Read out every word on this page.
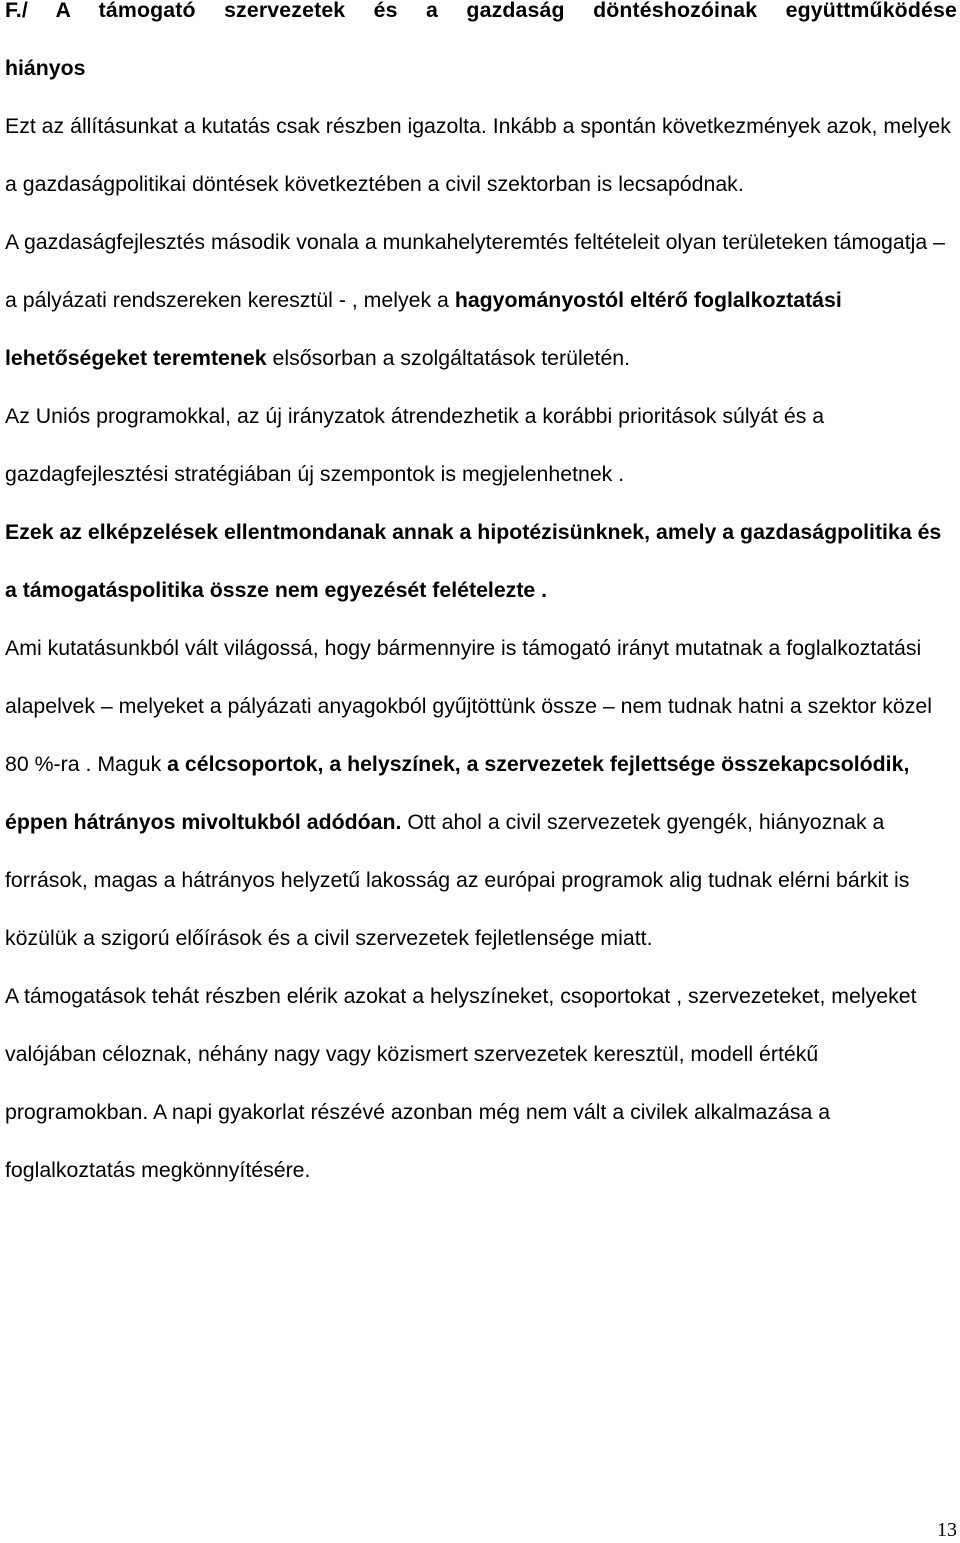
F./ A támogató szervezetek és a gazdaság döntéshozóinak együttműködése

hiányos

Ezt az állításunkat a kutatás csak részben igazolta. Inkább a spontán következmények azok, melyek a gazdaságpolitikai döntések következtében a civil szektorban is lecsapódnak.

A gazdaságfejlesztés második vonala a munkahelyteremtés feltételeit olyan területeken támogatja – a pályázati rendszereken keresztül - , melyek a hagyományostól eltérő foglalkoztatási lehetőségeket teremtenek elsősorban a szolgáltatások területén.

Az Uniós programokkal, az új irányzatok átrendezhetik a korábbi prioritások súlyát és a gazdagfejlesztési stratégiában új szempontok is megjelenhetnek .

Ezek az elképzelések ellentmondanak annak a hipotézisünknek, amely a gazdaságpolitika és a támogatáspolitika össze nem egyezését felételezte .

Ami kutatásunkból vált világossá, hogy bármennyire is támogató irányt mutatnak a foglalkoztatási alapelvek – melyeket a pályázati anyagokból gyűjtöttünk össze – nem tudnak hatni a szektor közel 80 %-ra . Maguk a célcsoportok, a helyszínek, a szervezetek fejlettsége összekapcsolódik, éppen hátrányos mivoltukból adódóan. Ott ahol a civil szervezetek gyengék, hiányoznak a források, magas a hátrányos helyzetű lakosság az európai programok alig tudnak elérni bárkit is közülük a szigorú előírások és a civil szervezetek fejletlensége miatt.

A támogatások tehát részben elérik azokat a helyszíneket, csoportokat , szervezeteket, melyeket valójában céloznak, néhány nagy vagy közismert szervezetek keresztül, modell értékű programokban. A napi gyakorlat részévé azonban még nem vált a civilek alkalmazása a foglalkoztatás megkönnyítésére.

13
